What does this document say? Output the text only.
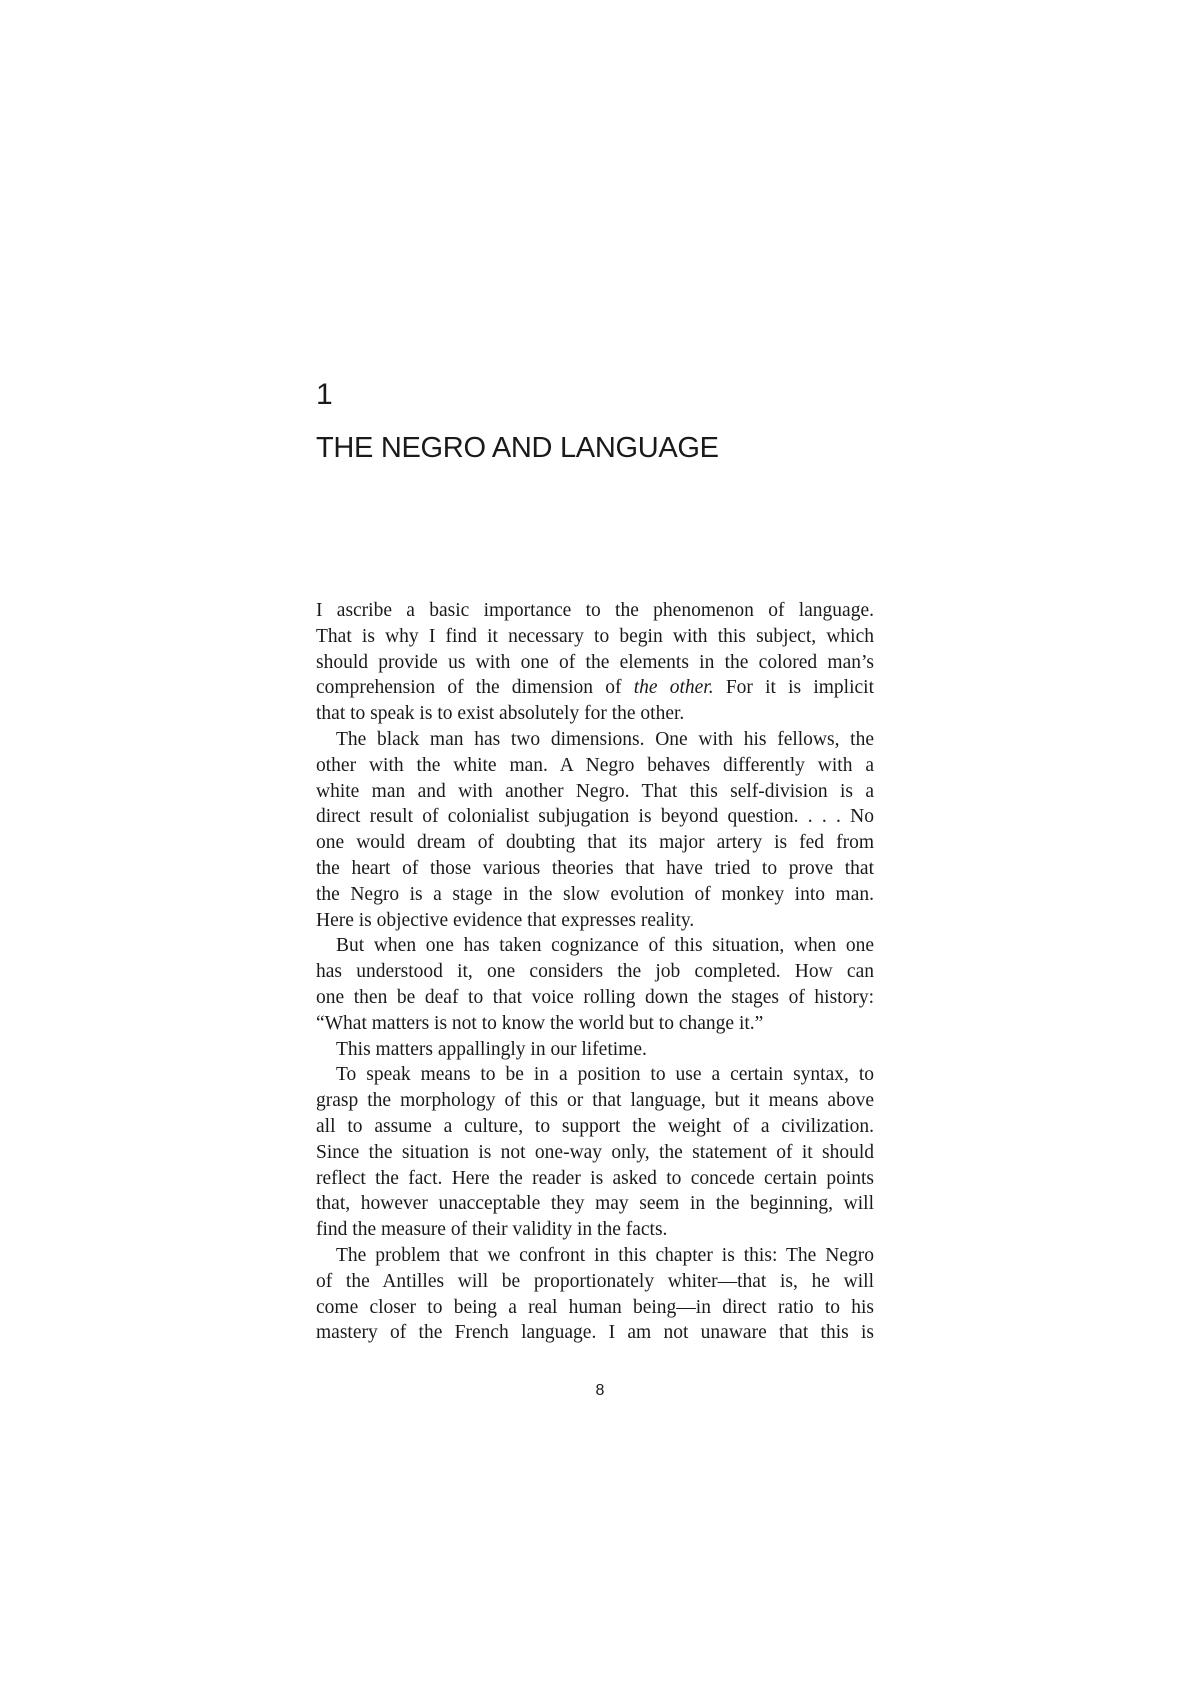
1
THE NEGRO AND LANGUAGE
I ascribe a basic importance to the phenomenon of language.
That is why I find it necessary to begin with this subject, which
should provide us with one of the elements in the colored man’s
comprehension of the dimension of the other. For it is implicit
that to speak is to exist absolutely for the other.
The black man has two dimensions. One with his fellows, the
other with the white man. A Negro behaves differently with a
white man and with another Negro. That this self-division is a
direct result of colonialist subjugation is beyond question. . . . No
one would dream of doubting that its major artery is fed from
the heart of those various theories that have tried to prove that
the Negro is a stage in the slow evolution of monkey into man.
Here is objective evidence that expresses reality.
But when one has taken cognizance of this situation, when one
has understood it, one considers the job completed. How can
one then be deaf to that voice rolling down the stages of history:
“What matters is not to know the world but to change it.”
This matters appallingly in our lifetime.
To speak means to be in a position to use a certain syntax, to
grasp the morphology of this or that language, but it means above
all to assume a culture, to support the weight of a civilization.
Since the situation is not one-way only, the statement of it should
reflect the fact. Here the reader is asked to concede certain points
that, however unacceptable they may seem in the beginning, will
find the measure of their validity in the facts.
The problem that we confront in this chapter is this: The Negro
of the Antilles will be proportionately whiter—that is, he will
come closer to being a real human being—in direct ratio to his
mastery of the French language. I am not unaware that this is
8
